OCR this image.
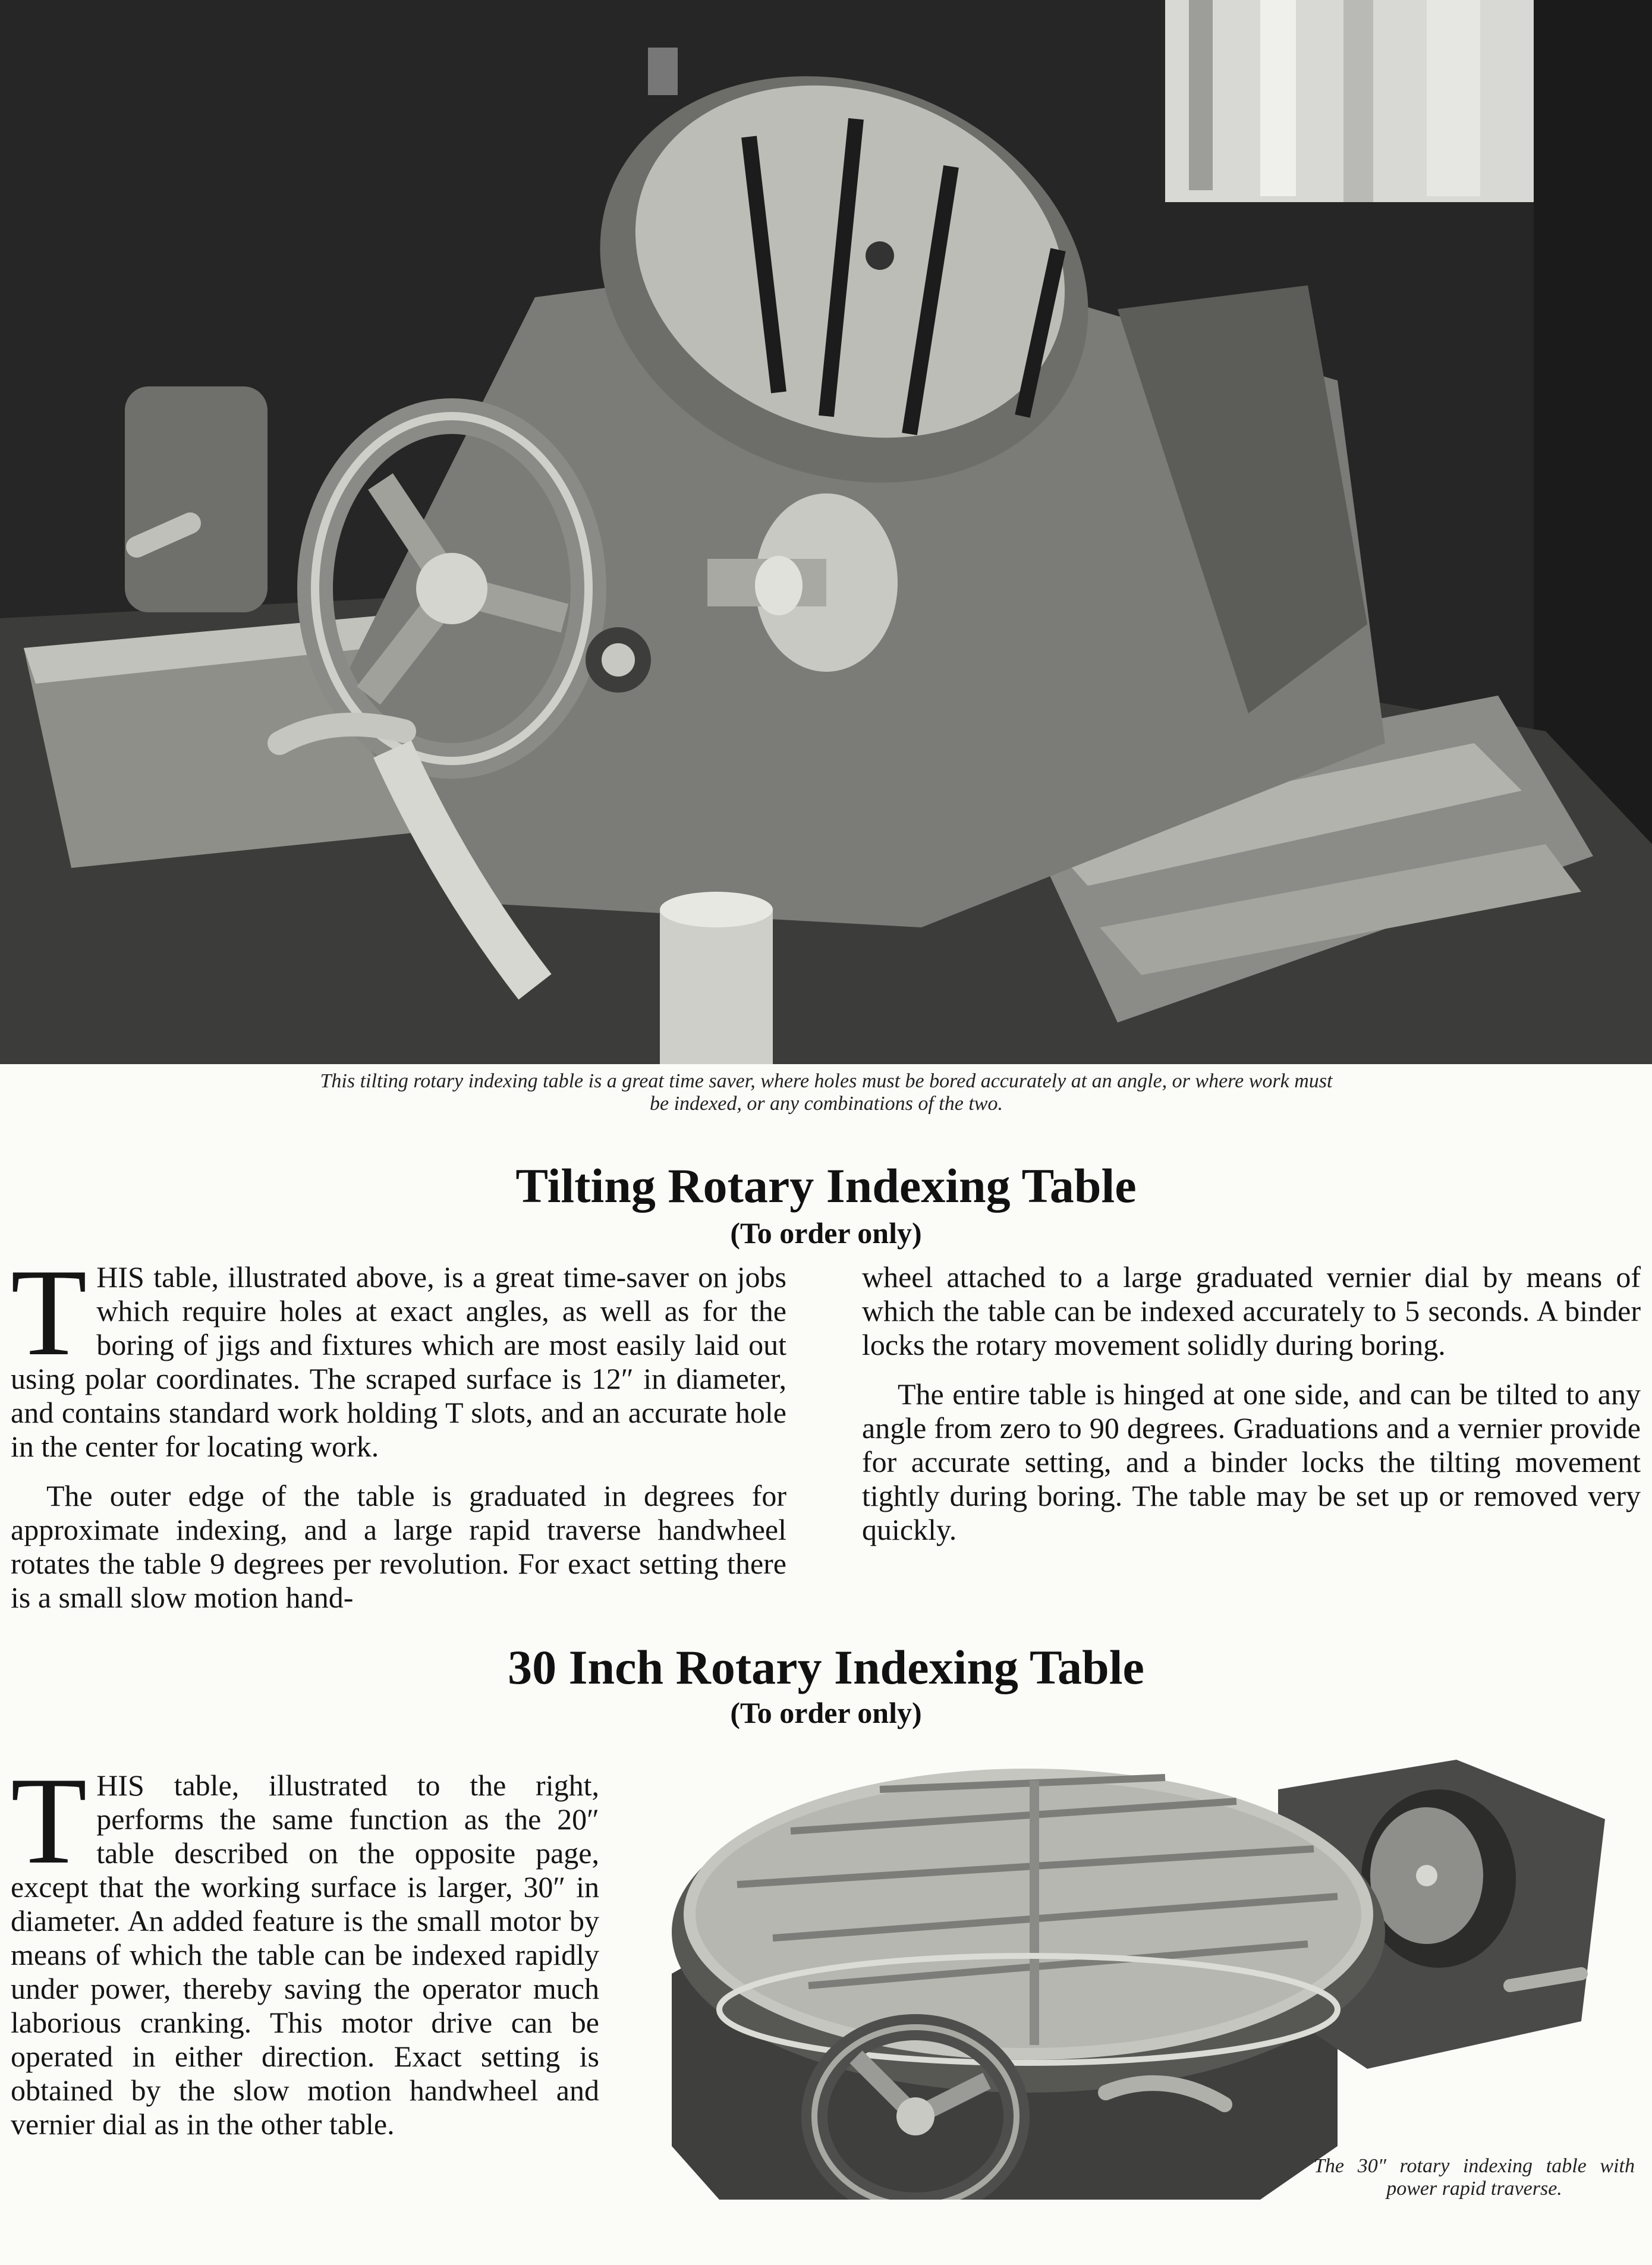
This tilting rotary indexing table is a great time saver, where holes must be bored accurately at an angle, or where work must be indexed, or any combinations of the two.
Tilting Rotary Indexing Table
(To order only)

THIS table, illustrated above, is a great time-saver on jobs which require holes at exact angles, as well as for the boring of jigs and fixtures which are most easily laid out using polar coordinates. The scraped surface is 12″ in diameter, and contains standard work holding T slots, and an accurate hole in the center for locating work.

The outer edge of the table is graduated in degrees for approximate indexing, and a large rapid traverse handwheel rotates the table 9 degrees per revolution. For exact setting there is a small slow motion hand-

wheel attached to a large graduated vernier dial by means of which the table can be indexed accurately to 5 seconds. A binder locks the rotary movement solidly during boring.

The entire table is hinged at one side, and can be tilted to any angle from zero to 90 degrees. Graduations and a vernier provide for accurate setting, and a binder locks the tilting movement tightly during boring. The table may be set up or removed very quickly.

30 Inch Rotary Indexing Table
(To order only)

THIS table, illustrated to the right, performs the same function as the 20″ table described on the opposite page, except that the working surface is larger, 30″ in diameter. An added feature is the small motor by means of which the table can be indexed rapidly under power, thereby saving the operator much laborious cranking. This motor drive can be operated in either direction. Exact setting is obtained by the slow motion handwheel and vernier dial as in the other table.

The 30″ rotary indexing table with power rapid traverse.
